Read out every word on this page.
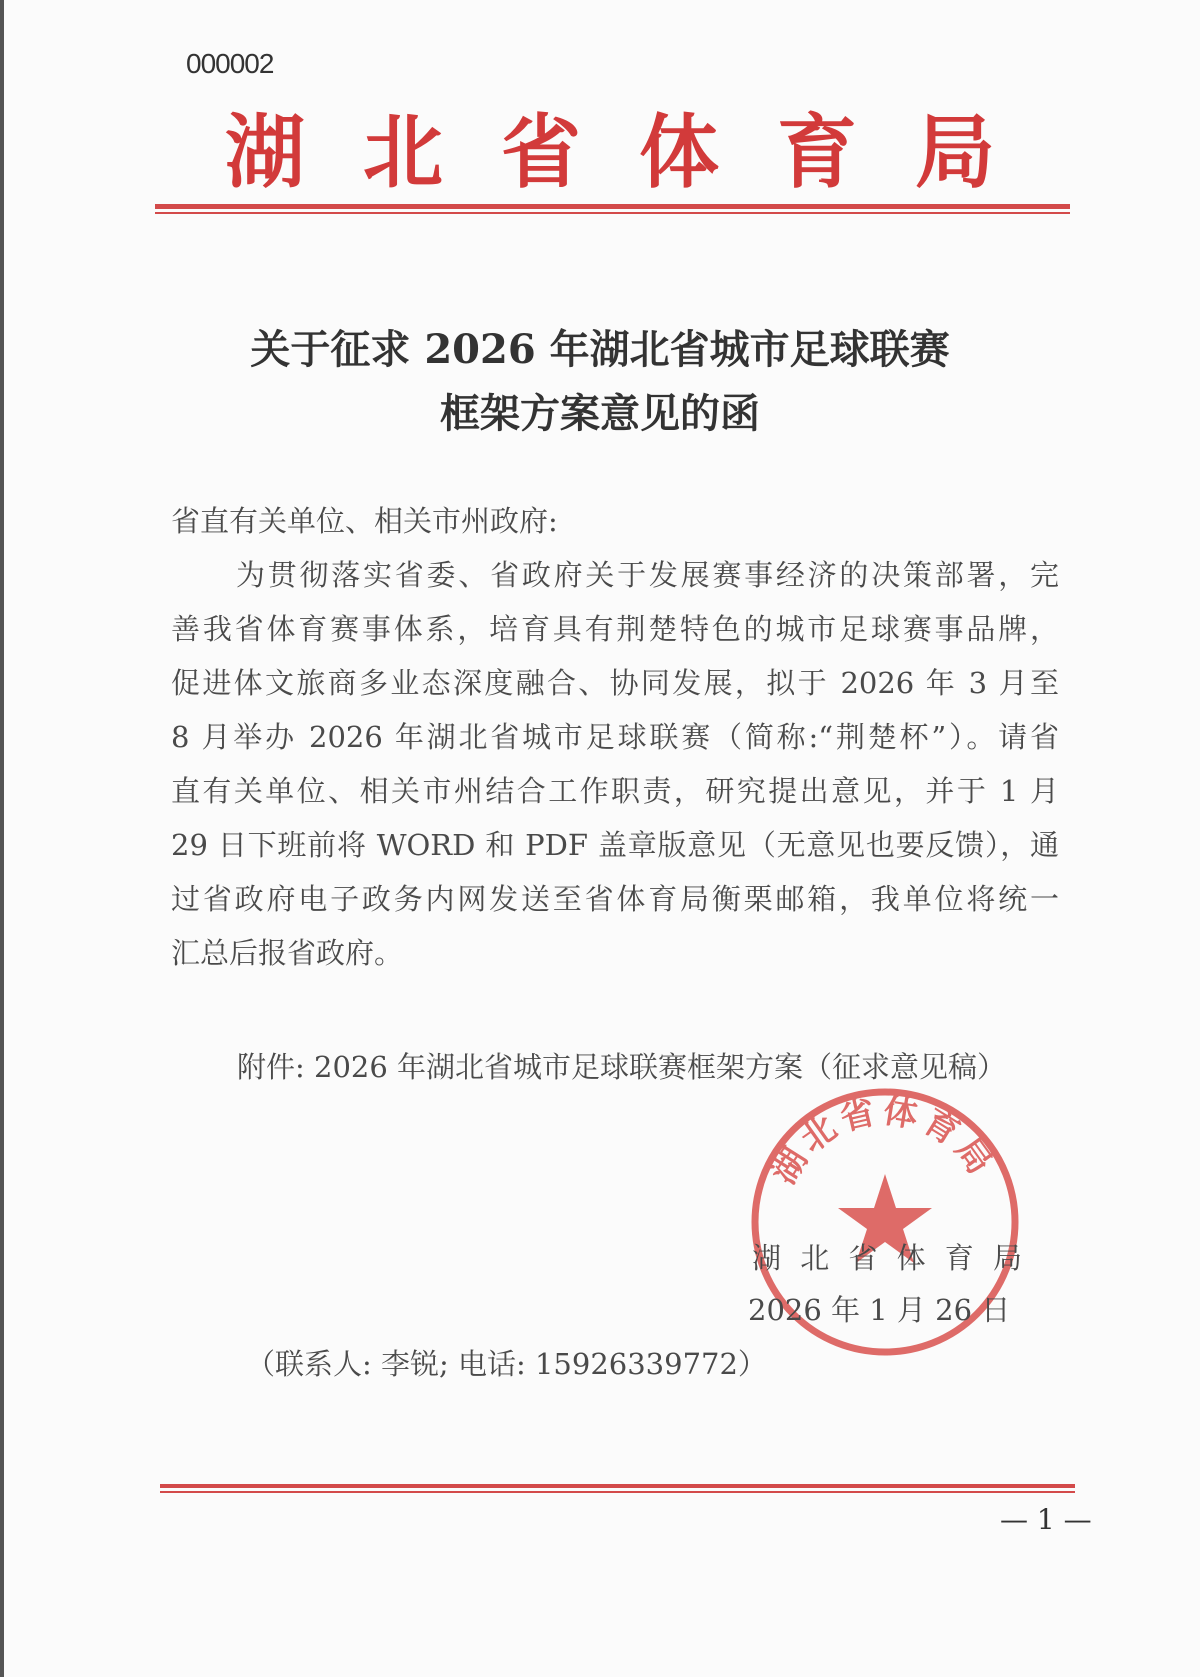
000002
湖 北 省 体 育 局
关于征求 2026 年湖北省城市足球联赛
框架方案意见的函
省直有关单位、相关市州政府:
为贯彻落实省委、省政府关于发展赛事经济的决策部署，完
善我省体育赛事体系，培育具有荆楚特色的城市足球赛事品牌，
促进体文旅商多业态深度融合、协同发展，拟于 2026 年 3 月至
8 月举办 2026 年湖北省城市足球联赛（简称:“荆楚杯”）。请省
直有关单位、相关市州结合工作职责，研究提出意见，并于 1 月
29 日下班前将 WORD 和 PDF 盖章版意见（无意见也要反馈），通
过省政府电子政务内网发送至省体育局衡栗邮箱，我单位将统一
汇总后报省政府。
附件: 2026 年湖北省城市足球联赛框架方案（征求意见稿）
湖北省体育局
湖 北 省 体 育 局
2026 年 1 月 26 日
（联系人: 李锐; 电话: 15926339772）
— 1 —
